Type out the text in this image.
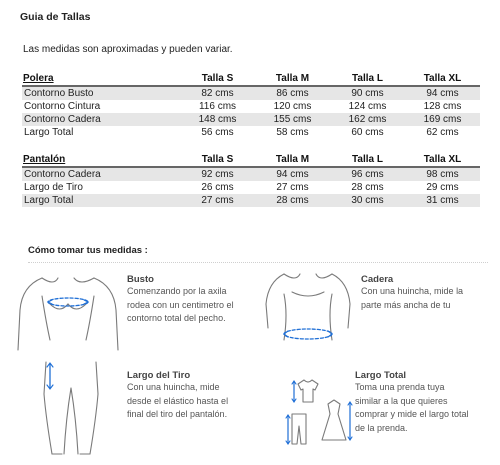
Guia de Tallas
Las medidas son aproximadas y pueden variar.
Polera	Talla S	Talla M	Talla L	Talla XL
Contorno Busto	82 cms	86 cms	90 cms	94 cms
Contorno Cintura	116 cms	120 cms	124 cms	128 cms
Contorno Cadera	148 cms	155 cms	162 cms	169 cms
Largo Total	56 cms	58 cms	60 cms	62 cms
Pantalón	Talla S	Talla M	Talla L	Talla XL
Contorno Cadera	92 cms	94 cms	96 cms	98 cms
Largo de Tiro	26 cms	27 cms	28 cms	29 cms
Largo Total	27 cms	28 cms	30 cms	31 cms
Cómo tomar tus medidas :
Busto
Comenzando por la axila
rodea con un centimetro el
contorno total del pecho.
Cadera
Con una huincha, mide la
parte más ancha de tu
Largo del Tiro
Con una huincha, mide
desde el elástico hasta el
final del tiro del pantalón.
Largo Total
Toma una prenda tuya
similar a la que quieres
comprar y mide el largo total
de la prenda.
